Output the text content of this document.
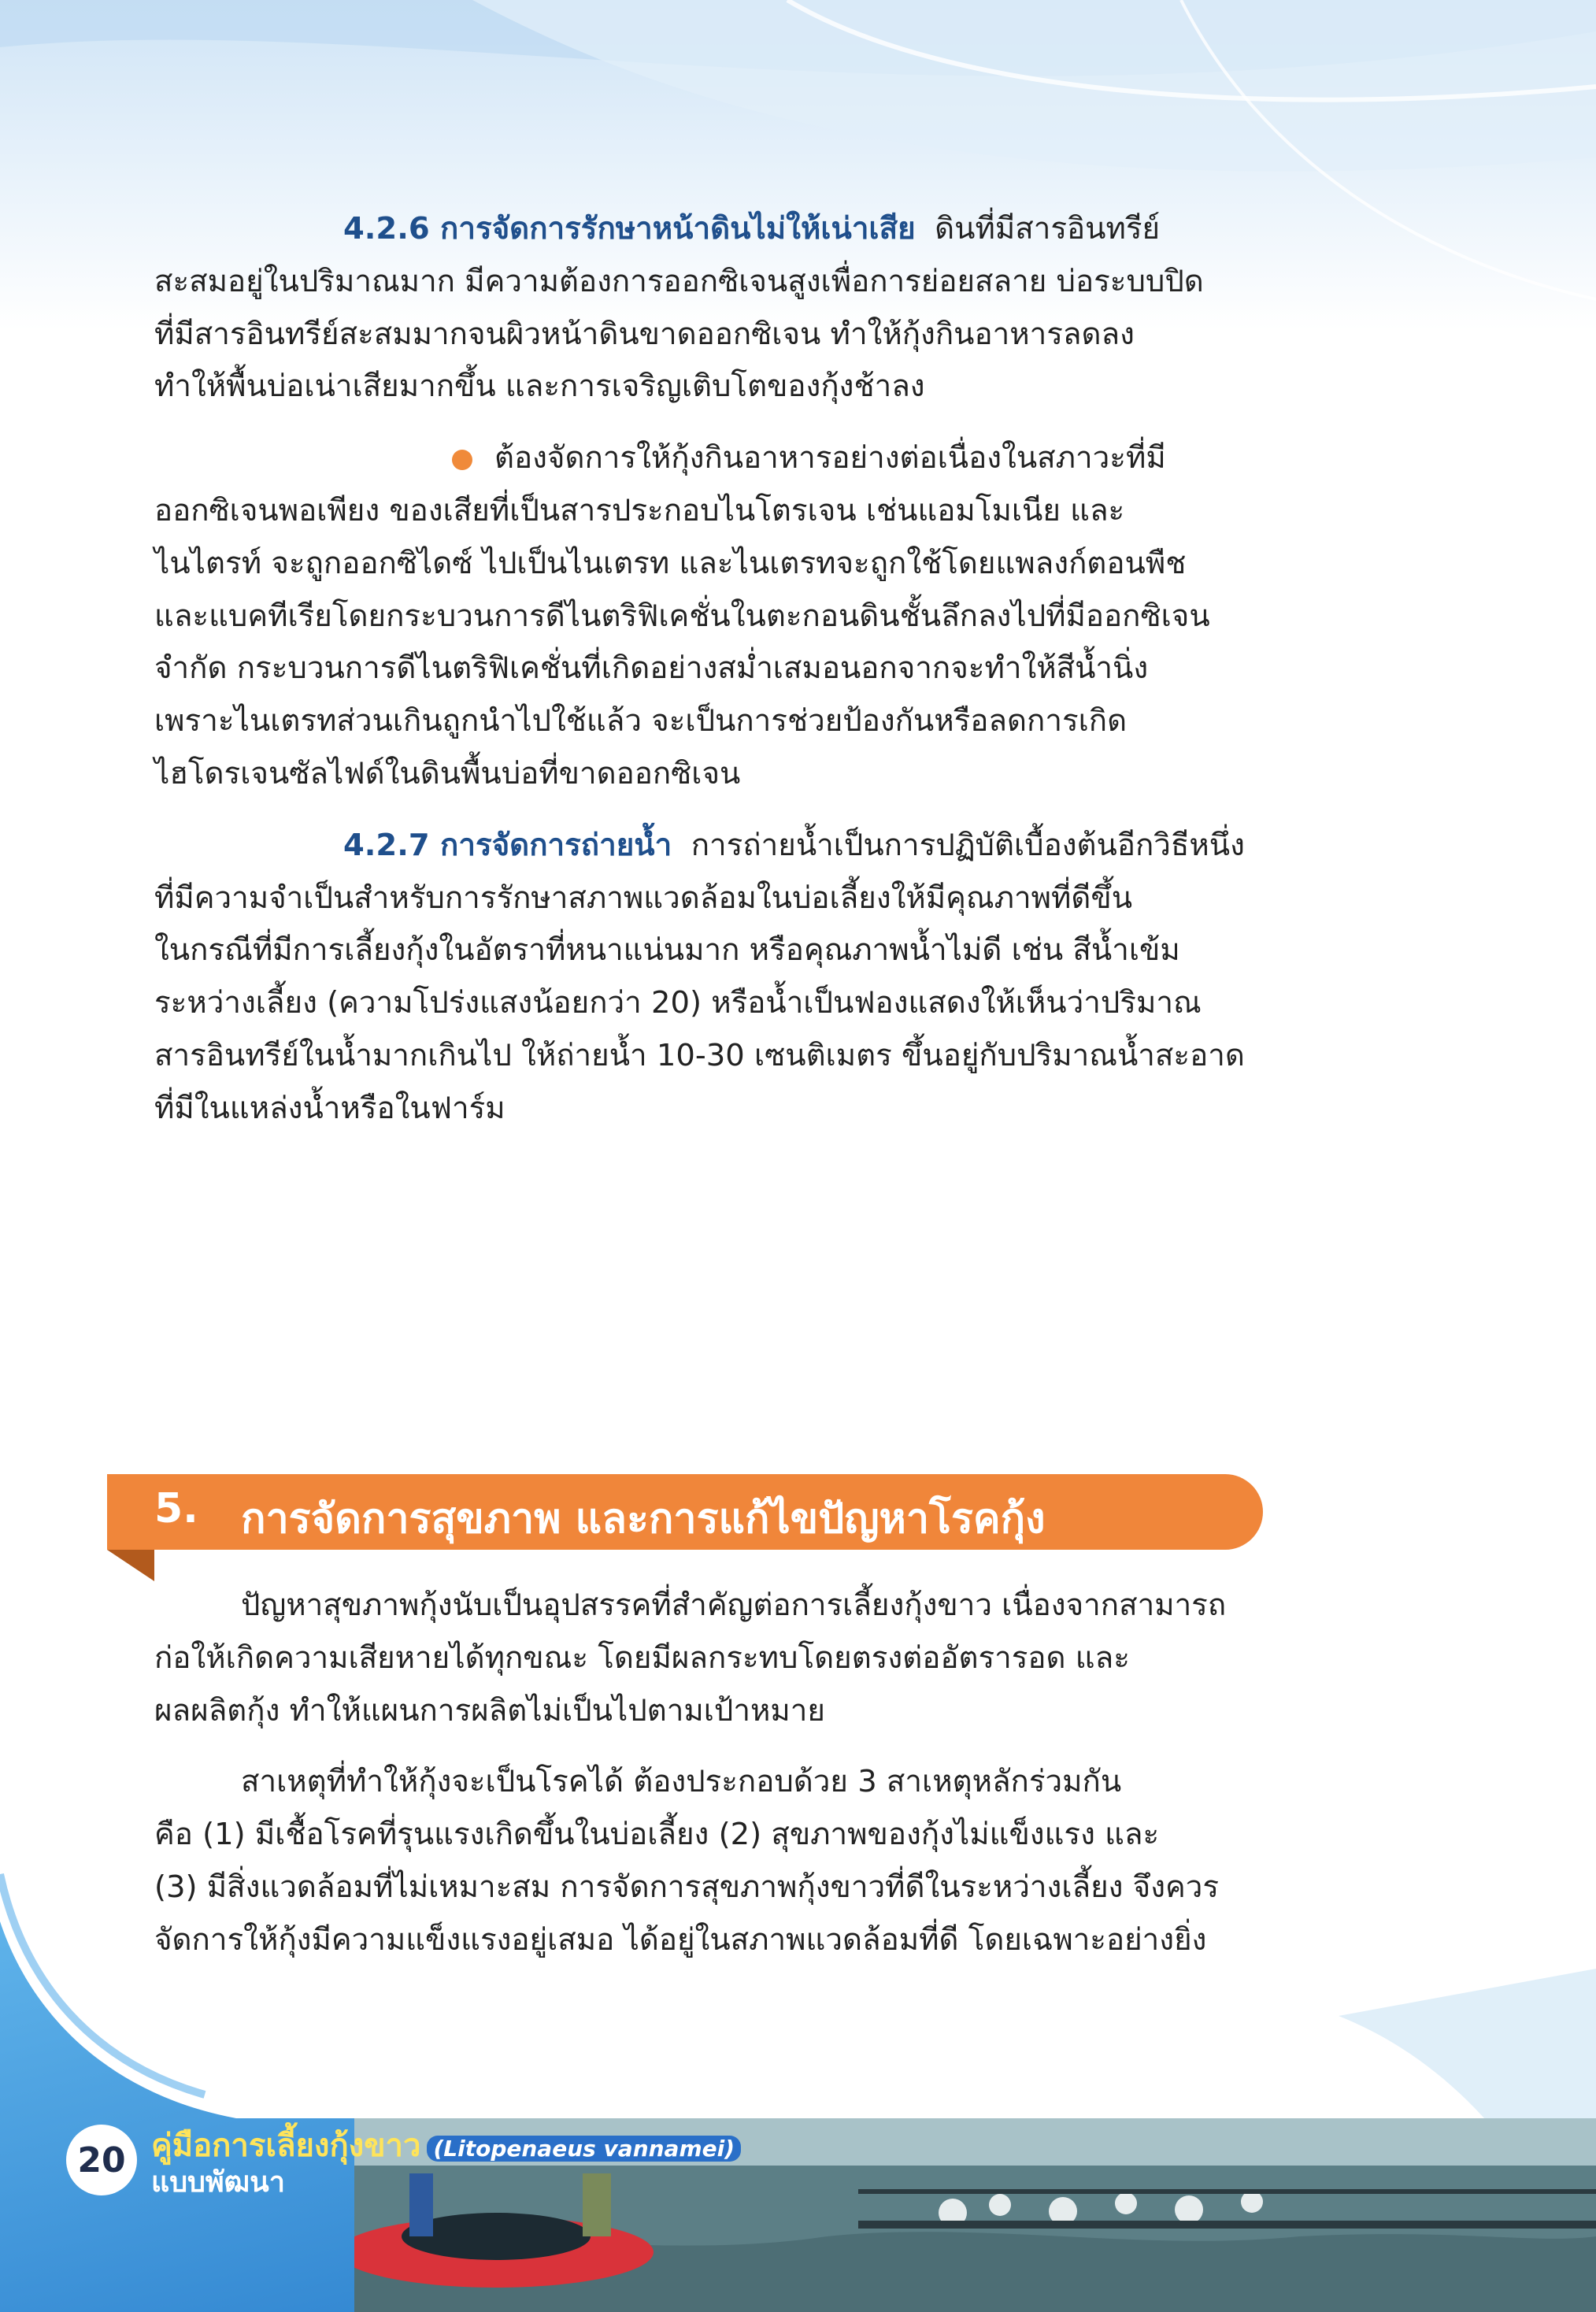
4.2.6 การจัดการรักษาหน้าดินไม่ให้เน่าเสีย ดินที่มีสารอินทรีย์
สะสมอยู่ในปริมาณมาก มีความต้องการออกซิเจนสูงเพื่อการย่อยสลาย บ่อระบบปิด
ที่มีสารอินทรีย์สะสมมากจนผิวหน้าดินขาดออกซิเจน ทำให้กุ้งกินอาหารลดลง
ทำให้พื้นบ่อเน่าเสียมากขึ้น และการเจริญเติบโตของกุ้งช้าลง

ต้องจัดการให้กุ้งกินอาหารอย่างต่อเนื่องในสภาวะที่มี
ออกซิเจนพอเพียง ของเสียที่เป็นสารประกอบไนโตรเจน เช่นแอมโมเนีย และ
ไนไตรท์ จะถูกออกซิไดซ์ ไปเป็นไนเตรท และไนเตรทจะถูกใช้โดยแพลงก์ตอนพืช
และแบคทีเรียโดยกระบวนการดีไนตริฟิเคชั่นในตะกอนดินชั้นลึกลงไปที่มีออกซิเจน
จำกัด กระบวนการดีไนตริฟิเคชั่นที่เกิดอย่างสม่ำเสมอนอกจากจะทำให้สีน้ำนิ่ง
เพราะไนเตรทส่วนเกินถูกนำไปใช้แล้ว จะเป็นการช่วยป้องกันหรือลดการเกิด
ไฮโดรเจนซัลไฟด์ในดินพื้นบ่อที่ขาดออกซิเจน

4.2.7 การจัดการถ่ายน้ำ การถ่ายน้ำเป็นการปฏิบัติเบื้องต้นอีกวิธีหนึ่ง
ที่มีความจำเป็นสำหรับการรักษาสภาพแวดล้อมในบ่อเลี้ยงให้มีคุณภาพที่ดีขึ้น
ในกรณีที่มีการเลี้ยงกุ้งในอัตราที่หนาแน่นมาก หรือคุณภาพน้ำไม่ดี เช่น สีน้ำเข้ม
ระหว่างเลี้ยง (ความโปร่งแสงน้อยกว่า 20) หรือน้ำเป็นฟองแสดงให้เห็นว่าปริมาณ
สารอินทรีย์ในน้ำมากเกินไป ให้ถ่ายน้ำ 10-30 เซนติเมตร ขึ้นอยู่กับปริมาณน้ำสะอาด
ที่มีในแหล่งน้ำหรือในฟาร์ม

5. การจัดการสุขภาพ และการแก้ไขปัญหาโรคกุ้ง

ปัญหาสุขภาพกุ้งนับเป็นอุปสรรคที่สำคัญต่อการเลี้ยงกุ้งขาว เนื่องจากสามารถ
ก่อให้เกิดความเสียหายได้ทุกขณะ โดยมีผลกระทบโดยตรงต่ออัตรารอด และ
ผลผลิตกุ้ง ทำให้แผนการผลิตไม่เป็นไปตามเป้าหมาย

สาเหตุที่ทำให้กุ้งจะเป็นโรคได้ ต้องประกอบด้วย 3 สาเหตุหลักร่วมกัน
คือ (1) มีเชื้อโรคที่รุนแรงเกิดขึ้นในบ่อเลี้ยง (2) สุขภาพของกุ้งไม่แข็งแรง และ
(3) มีสิ่งแวดล้อมที่ไม่เหมาะสม การจัดการสุขภาพกุ้งขาวที่ดีในระหว่างเลี้ยง จึงควร
จัดการให้กุ้งมีความแข็งแรงอยู่เสมอ ได้อยู่ในสภาพแวดล้อมที่ดี โดยเฉพาะอย่างยิ่ง

20 คู่มือการเลี้ยงกุ้งขาว (Litopenaeus vannamei)
แบบพัฒนา
